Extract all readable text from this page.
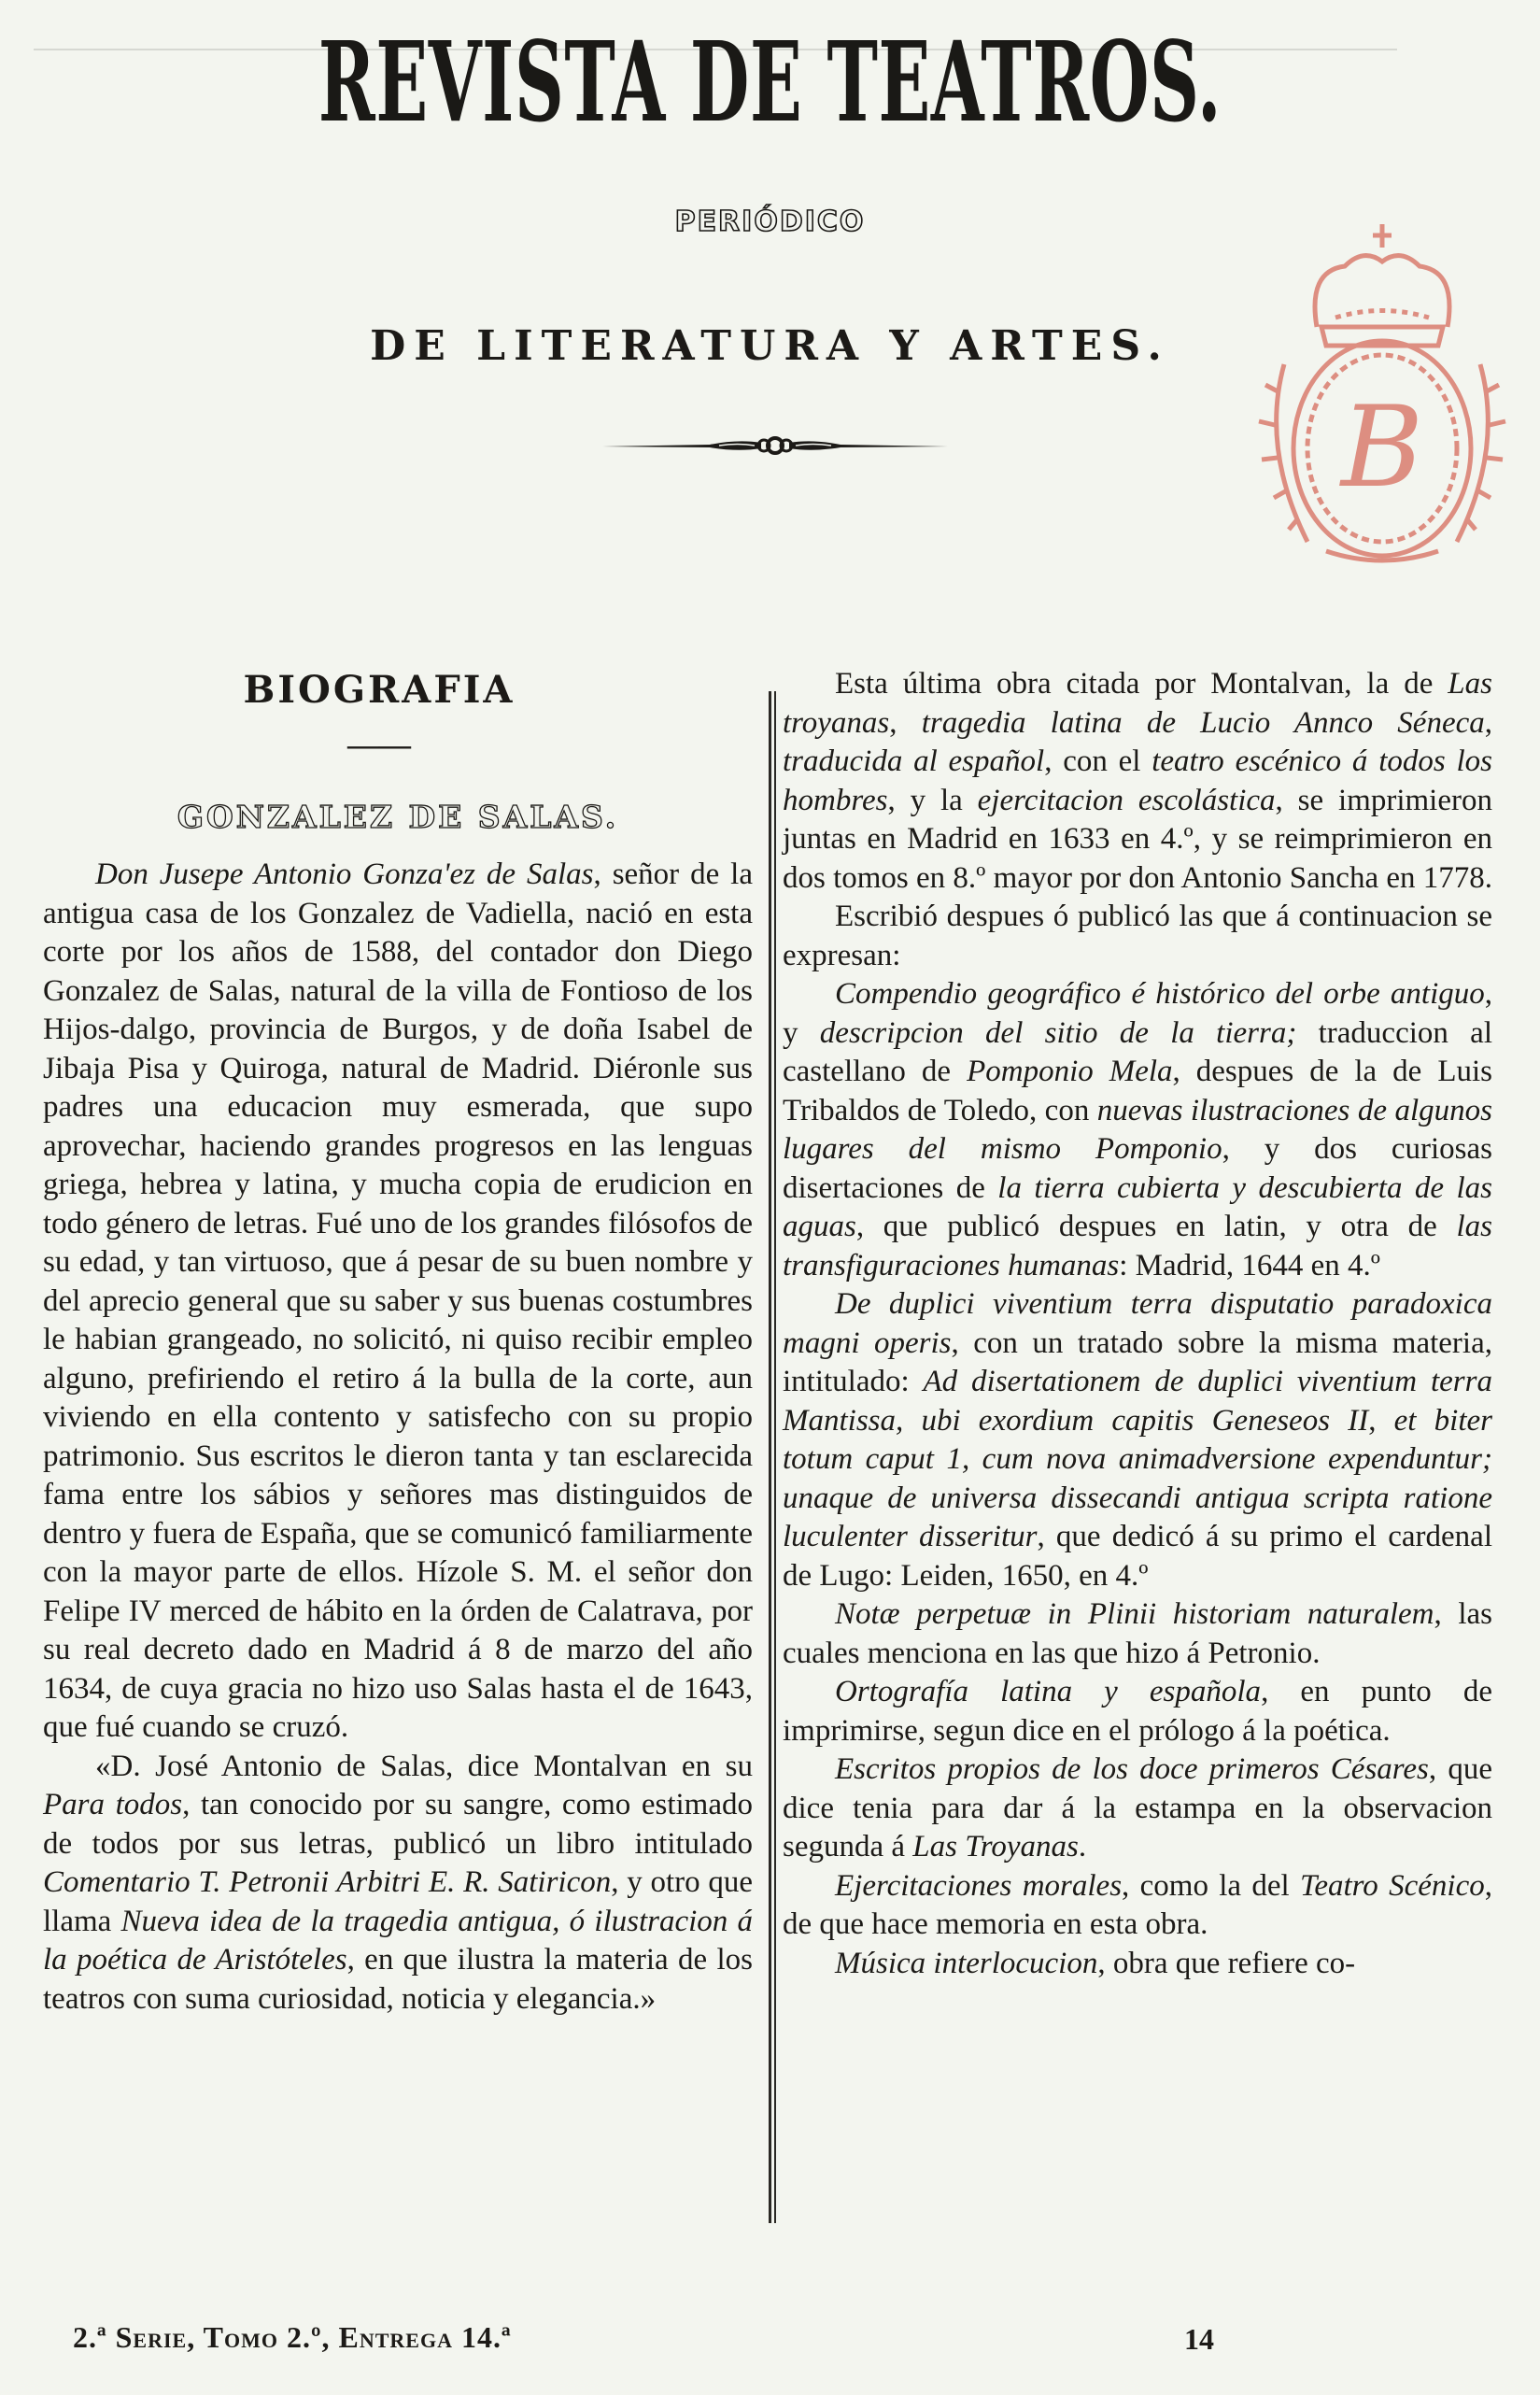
REVISTA DE TEATROS.
PERIÓDICO
DE LITERATURA Y ARTES.
B
BIOGRAFIA
——
GONZALEZ DE SALAS.

Don Jusepe Antonio Gonza'ez de Salas, señor de la antigua casa de los Gonzalez de Vadiella, nació en esta corte por los años de 1588, del contador don Diego Gonzalez de Salas, natural de la villa de Fontioso de los Hijos-dalgo, provincia de Burgos, y de doña Isabel de Jibaja Pisa y Quiroga, natural de Madrid. Diéronle sus padres una educacion muy esmerada, que supo aprovechar, haciendo grandes progresos en las lenguas griega, hebrea y latina, y mucha copia de erudicion en todo género de letras. Fué uno de los grandes filósofos de su edad, y tan virtuoso, que á pesar de su buen nombre y del aprecio general que su saber y sus buenas costumbres le habian grangeado, no solicitó, ni quiso recibir empleo alguno, prefiriendo el retiro á la bulla de la corte, aun viviendo en ella contento y satisfecho con su propio patrimonio. Sus escritos le dieron tanta y tan esclarecida fama entre los sábios y señores mas distinguidos de dentro y fuera de España, que se comunicó familiarmente con la mayor parte de ellos. Hízole S. M. el señor don Felipe IV merced de hábito en la órden de Calatrava, por su real decreto dado en Madrid á 8 de marzo del año 1634, de cuya gracia no hizo uso Salas hasta el de 1643, que fué cuando se cruzó.

«D. José Antonio de Salas, dice Montalvan en su Para todos, tan conocido por su sangre, como estimado de todos por sus letras, publicó un libro intitulado Comentario T. Petronii Arbitri E. R. Satiricon, y otro que llama Nueva idea de la tragedia antigua, ó ilustracion á la poética de Aristóteles, en que ilustra la materia de los teatros con suma curiosidad, noticia y elegancia.»

Esta última obra citada por Montalvan, la de Las troyanas, tragedia latina de Lucio Annco Séneca, traducida al español, con el teatro escénico á todos los hombres, y la ejercitacion escolástica, se imprimieron juntas en Madrid en 1633 en 4.º, y se reimprimieron en dos tomos en 8.º mayor por don Antonio Sancha en 1778.

Escribió despues ó publicó las que á continuacion se expresan:

Compendio geográfico é histórico del orbe antiguo, y descripcion del sitio de la tierra; traduccion al castellano de Pomponio Mela, despues de la de Luis Tribaldos de Toledo, con nuevas ilustraciones de algunos lugares del mismo Pomponio, y dos curiosas disertaciones de la tierra cubierta y descubierta de las aguas, que publicó despues en latin, y otra de las transfiguraciones humanas: Madrid, 1644 en 4.º

De duplici viventium terra disputatio paradoxica magni operis, con un tratado sobre la misma materia, intitulado: Ad disertationem de duplici viventium terra Mantissa, ubi exordium capitis Geneseos II, et biter totum caput 1, cum nova animadversione expenduntur; unaque de universa dissecandi antigua scripta ratione luculenter disseritur, que dedicó á su primo el cardenal de Lugo: Leiden, 1650, en 4.º

Notæ perpetuæ in Plinii historiam naturalem, las cuales menciona en las que hizo á Petronio.

Ortografía latina y española, en punto de imprimirse, segun dice en el prólogo á la poética.

Escritos propios de los doce primeros Césares, que dice tenia para dar á la estampa en la observacion segunda á Las Troyanas.

Ejercitaciones morales, como la del Teatro Scénico, de que hace memoria en esta obra.

Música interlocucion, obra que refiere co-

2.ª Serie, Tomo 2.º, Entrega 14.ª	14
